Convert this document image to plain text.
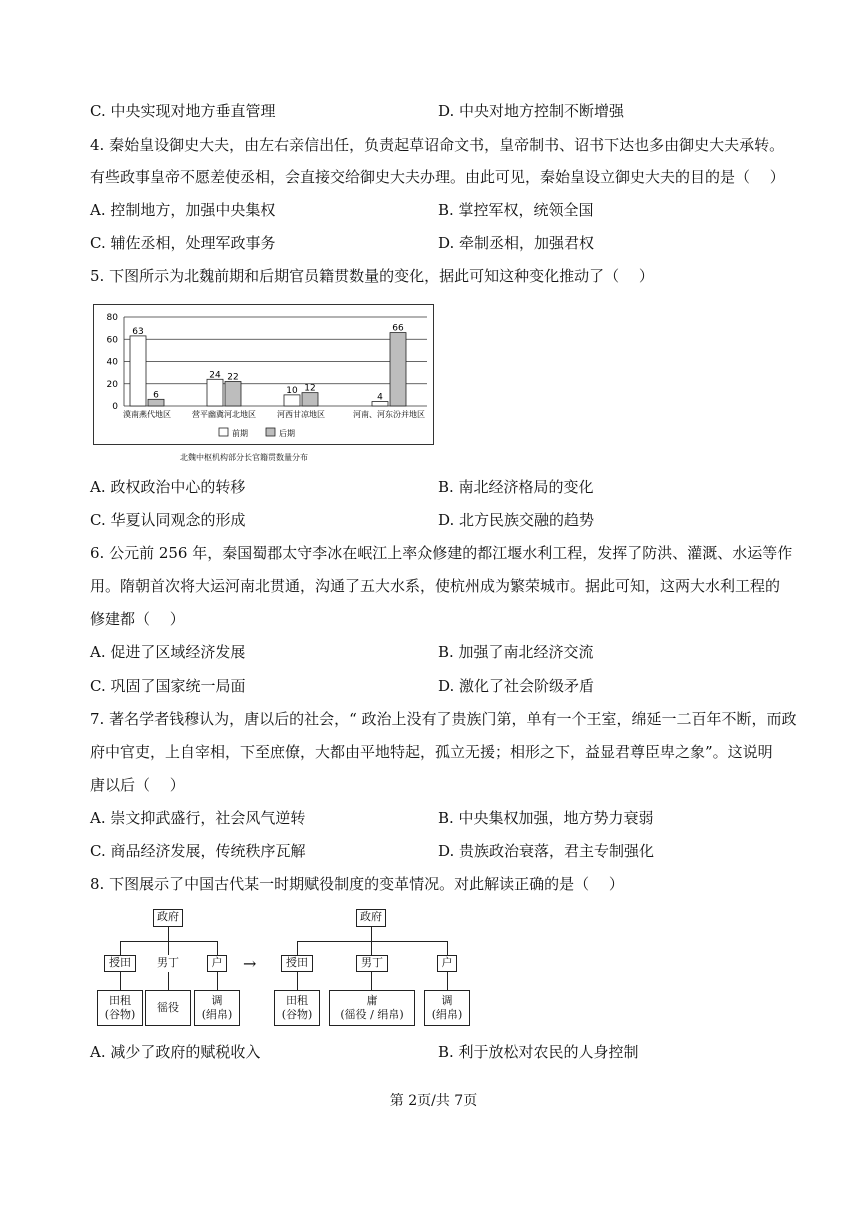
C. 中央实现对地方垂直管理	D. 中央对地方控制不断增强
4. 秦始皇设御史大夫，由左右亲信出任，负责起草诏命文书，皇帝制书、诏书下达也多由御史大夫承转。
有些政事皇帝不愿差使丞相，会直接交给御史大夫办理。由此可见，秦始皇设立御史大夫的目的是（　 ）
A. 控制地方，加强中央集权	B. 掌控军权，统领全国
C. 辅佐丞相，处理军政事务	D. 牵制丞相，加强君权
5. 下图所示为北魏前期和后期官员籍贯数量的变化，据此可知这种变化推动了（　 ）
0
20
40
60
80
63
6
漠南燕代地区
24 22
营平幽冀河北地区
10 12
河西甘凉地区
4
66
河南、河东汾并地区
前期	后期
北魏中枢机构部分长官籍贯数量分布
A. 政权政治中心的转移	B. 南北经济格局的变化
C. 华夏认同观念的形成	D. 北方民族交融的趋势
6. 公元前 256 年，秦国蜀郡太守李冰在岷江上率众修建的都江堰水利工程，发挥了防洪、灌溉、水运等作
用。隋朝首次将大运河南北贯通，沟通了五大水系，使杭州成为繁荣城市。据此可知，这两大水利工程的
修建都（　 ）
A. 促进了区域经济发展	B. 加强了南北经济交流
C. 巩固了国家统一局面	D. 激化了社会阶级矛盾
7. 著名学者钱穆认为，唐以后的社会，“ 政治上没有了贵族门第，单有一个王室，绵延一二百年不断，而政
府中官吏，上自宰相，下至庶僚，大都由平地特起，孤立无援；相形之下，益显君尊臣卑之象”。这说明
唐以后（　 ）
A. 崇文抑武盛行，社会风气逆转	B. 中央集权加强，地方势力衰弱
C. 商品经济发展，传统秩序瓦解	D. 贵族政治衰落，君主专制强化
8. 下图展示了中国古代某一时期赋役制度的变革情况。对此解读正确的是（　 ）
政府
授田	男丁	户
田租
(谷物)
徭役
调
(绢帛)
→
政府
授田	男丁	户
田租
(谷物)
庸
(徭役 / 绢帛)
调
(绢帛)
A. 减少了政府的赋税收入	B. 利于放松对农民的人身控制
第 2页/共 7页
